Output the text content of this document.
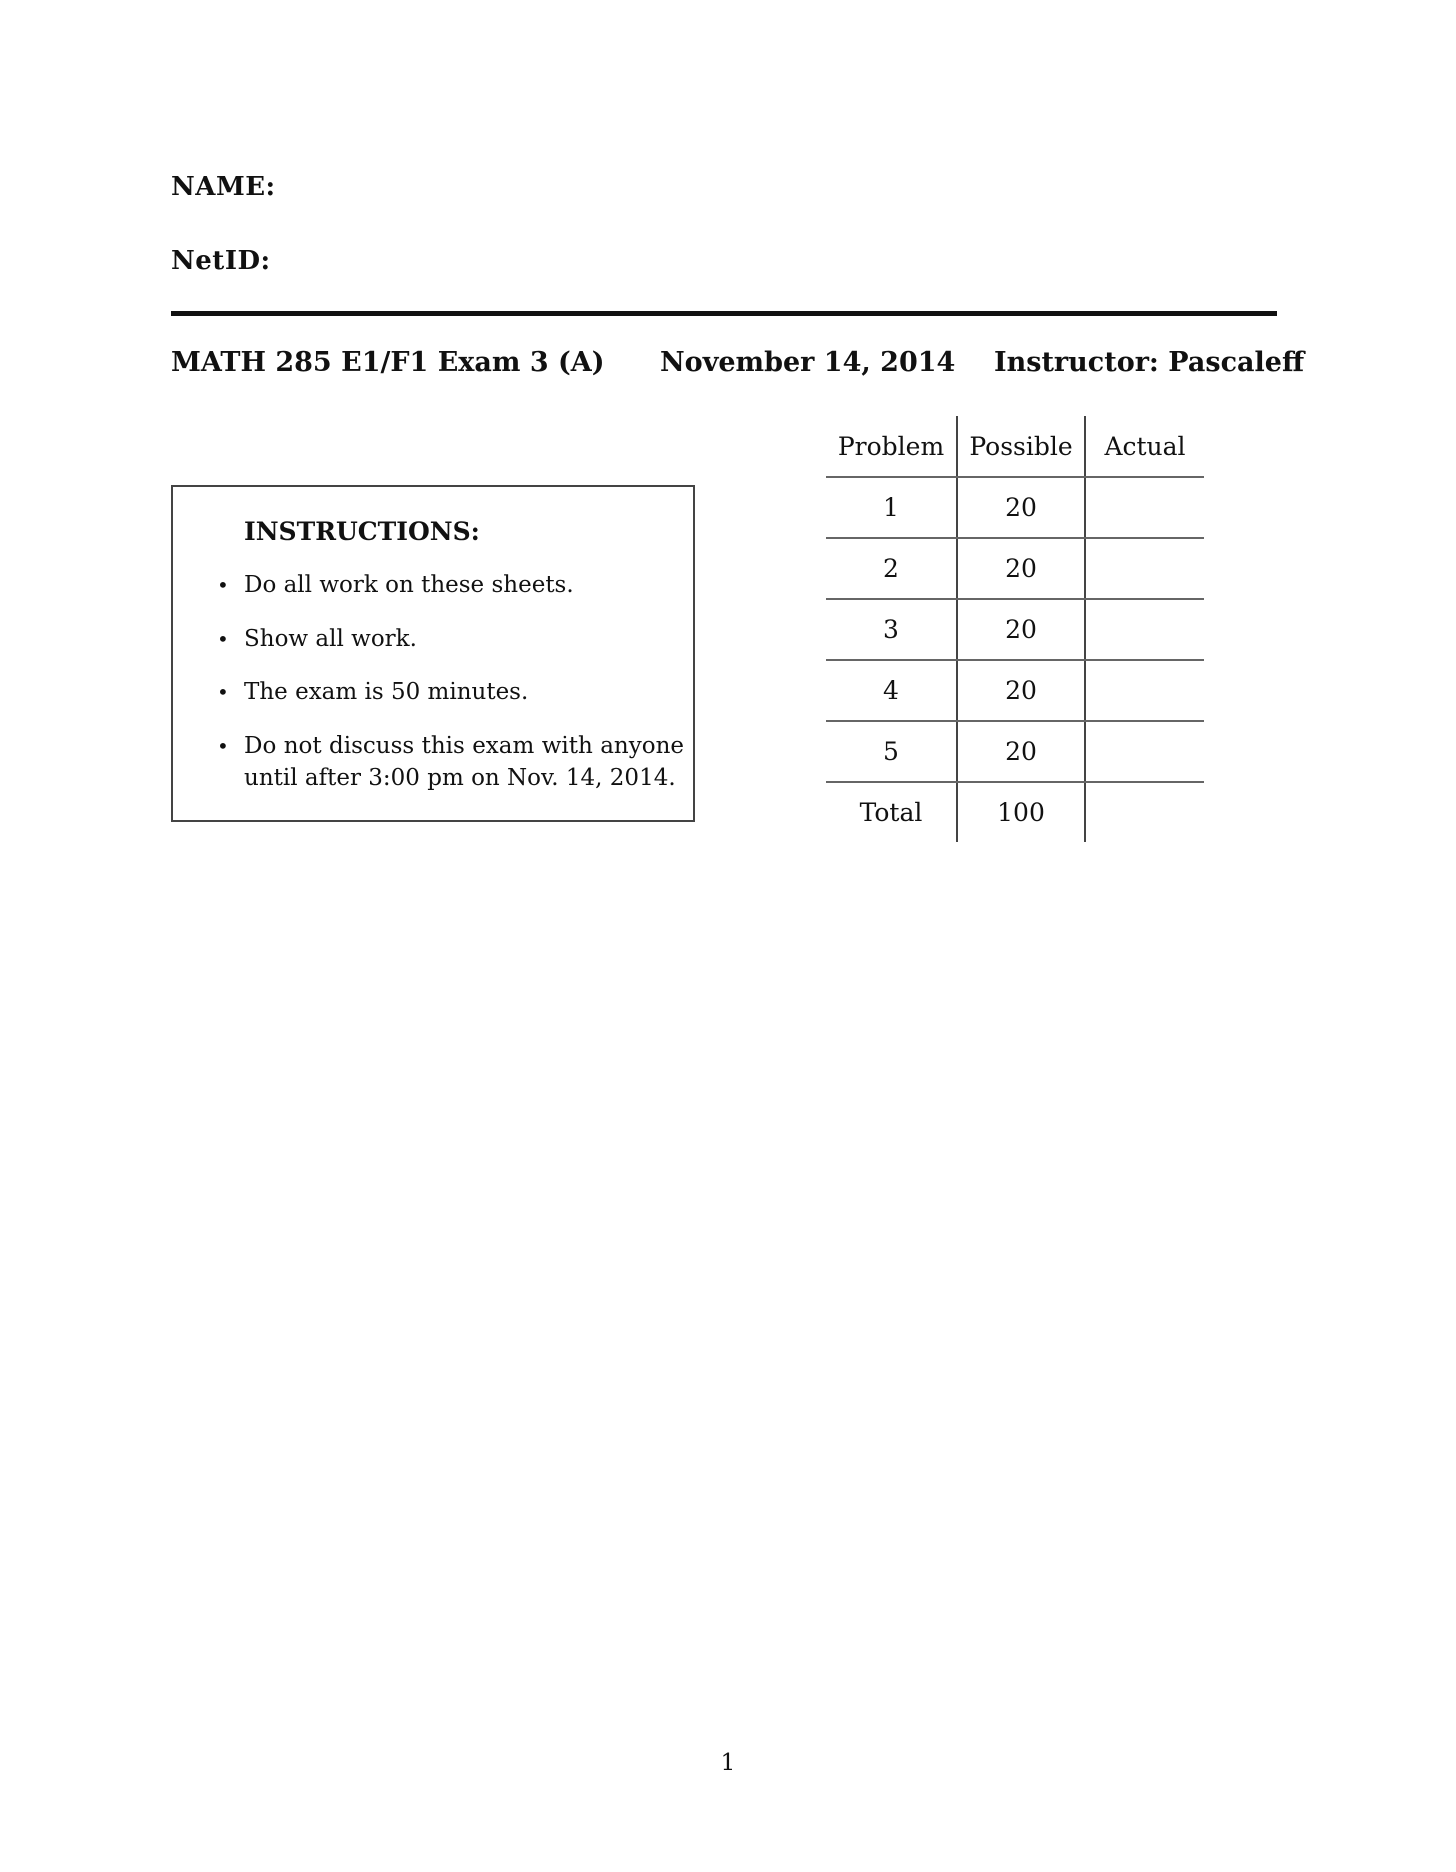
NAME:
NetID:
MATH 285 E1/F1 Exam 3 (A) November 14, 2014 Instructor: Pascaleff
INSTRUCTIONS:
• Do all work on these sheets.
• Show all work.
• The exam is 50 minutes.
• Do not discuss this exam with anyone until after 3:00 pm on Nov. 14, 2014.
Problem	Possible	Actual
1	20	
2	20	
3	20	
4	20	
5	20	
Total	100	
1
